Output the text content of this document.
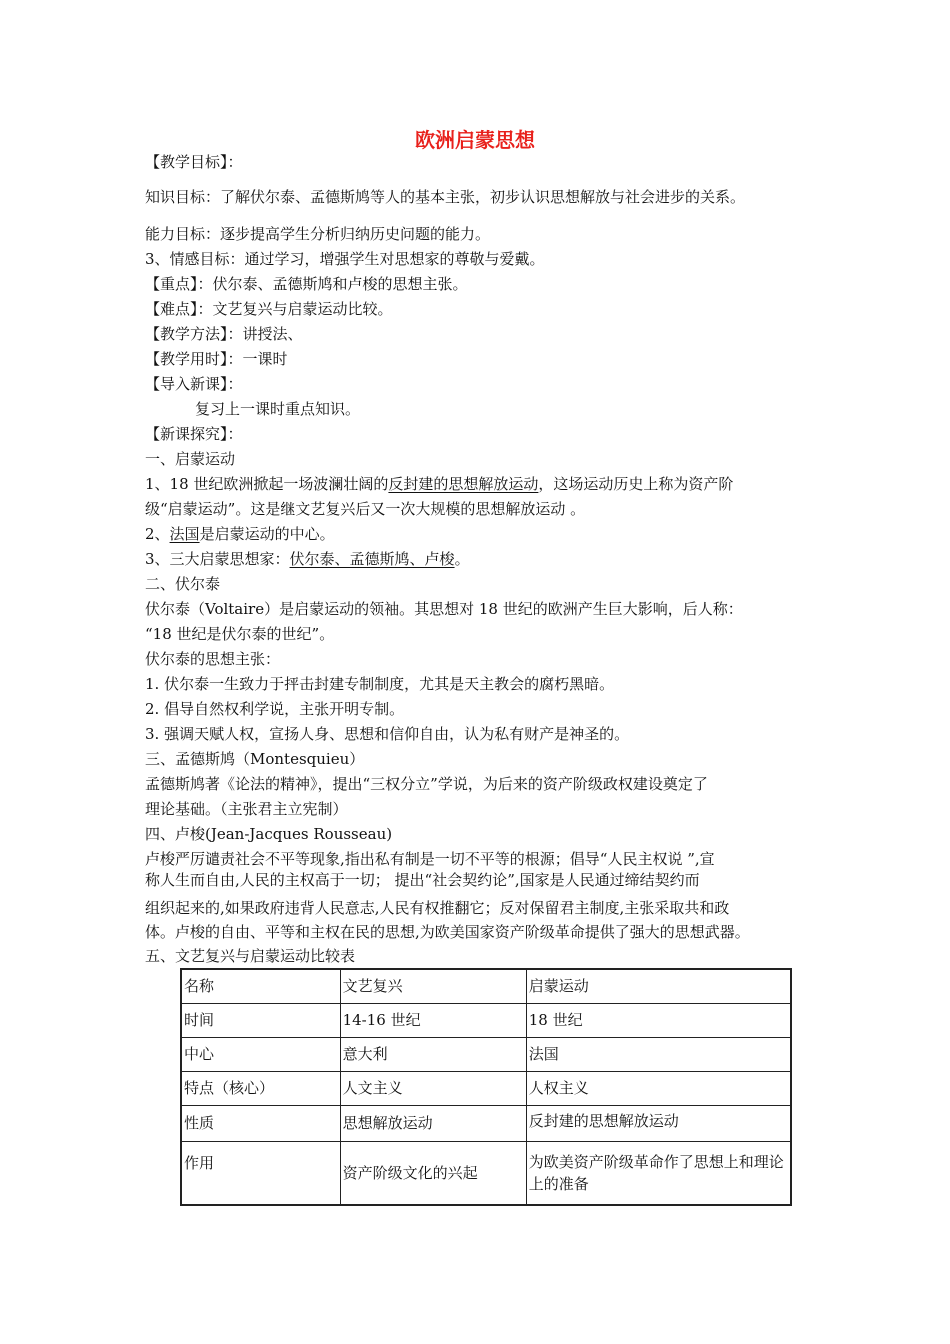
欧洲启蒙思想
【教学目标】：
知识目标：了解伏尔泰、孟德斯鸠等人的基本主张，初步认识思想解放与社会进步的关系。
能力目标：逐步提高学生分析归纳历史问题的能力。
3、情感目标：通过学习，增强学生对思想家的尊敬与爱戴。
【重点】：伏尔泰、孟德斯鸠和卢梭的思想主张。
【难点】：文艺复兴与启蒙运动比较。
【教学方法】：讲授法、
【教学用时】：一课时
【导入新课】：
复习上一课时重点知识。
【新课探究】：
一、启蒙运动
1、18 世纪欧洲掀起一场波澜壮阔的反封建的思想解放运动，这场运动历史上称为资产阶
级“启蒙运动”。这是继文艺复兴后又一次大规模的思想解放运动 。
2、法国是启蒙运动的中心。
3、三大启蒙思想家：伏尔泰、孟德斯鸠、卢梭。
二、伏尔泰
伏尔泰（Voltaire）是启蒙运动的领袖。其思想对 18 世纪的欧洲产生巨大影响，后人称：
“18 世纪是伏尔泰的世纪”。
伏尔泰的思想主张：
1. 伏尔泰一生致力于抨击封建专制制度，尤其是天主教会的腐朽黑暗。
2. 倡导自然权利学说，主张开明专制。
3. 强调天赋人权，宣扬人身、思想和信仰自由，认为私有财产是神圣的。
三、孟德斯鸠（Montesquieu）
孟德斯鸠著《论法的精神》，提出“三权分立”学说，为后来的资产阶级政权建设奠定了
理论基础。（主张君主立宪制）
四、卢梭(Jean-Jacques Rousseau)
卢梭严厉谴责社会不平等现象,指出私有制是一切不平等的根源；倡导“人民主权说 ”,宣
称人生而自由,人民的主权高于一切； 提出“社会契约论”,国家是人民通过缔结契约而
组织起来的,如果政府违背人民意志,人民有权推翻它；反对保留君主制度,主张采取共和政
体。卢梭的自由、平等和主权在民的思想,为欧美国家资产阶级革命提供了强大的思想武器。
五、文艺复兴与启蒙运动比较表
名称	文艺复兴	启蒙运动
时间	14-16 世纪	18 世纪
中心	意大利	法国
特点（核心）	人文主义	人权主义
性质	思想解放运动	反封建的思想解放运动
作用	资产阶级文化的兴起	为欧美资产阶级革命作了思想上和理论上的准备
